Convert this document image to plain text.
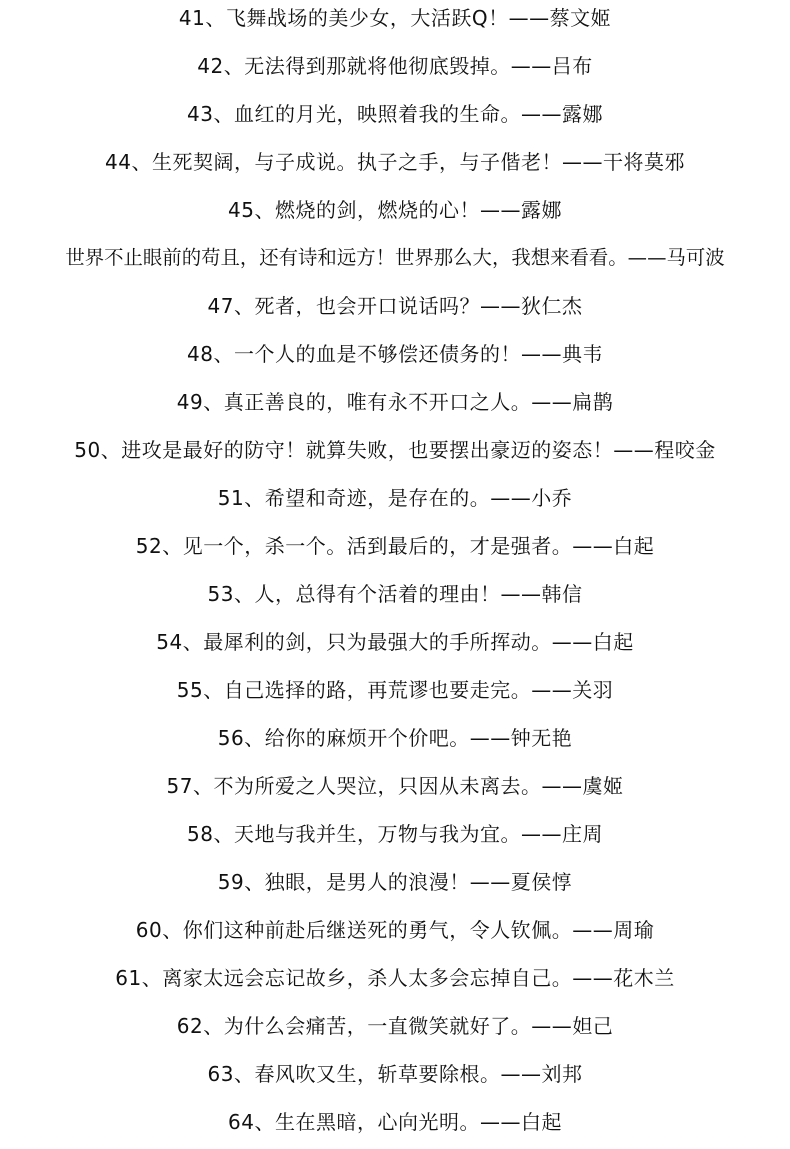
41、飞舞战场的美少女，大活跃Q！——蔡文姬
42、无法得到那就将他彻底毁掉。——吕布
43、血红的月光，映照着我的生命。——露娜
44、生死契阔，与子成说。执子之手，与子偕老！——干将莫邪
45、燃烧的剑，燃烧的心！——露娜
世界不止眼前的苟且，还有诗和远方！世界那么大，我想来看看。——马可波
47、死者，也会开口说话吗？——狄仁杰
48、一个人的血是不够偿还债务的！——典韦
49、真正善良的，唯有永不开口之人。——扁鹊
50、进攻是最好的防守！就算失败，也要摆出豪迈的姿态！——程咬金
51、希望和奇迹，是存在的。——小乔
52、见一个，杀一个。活到最后的，才是强者。——白起
53、人，总得有个活着的理由！——韩信
54、最犀利的剑，只为最强大的手所挥动。——白起
55、自己选择的路，再荒谬也要走完。——关羽
56、给你的麻烦开个价吧。——钟无艳
57、不为所爱之人哭泣，只因从未离去。——虞姬
58、天地与我并生，万物与我为宜。——庄周
59、独眼，是男人的浪漫！——夏侯惇
60、你们这种前赴后继送死的勇气，令人钦佩。——周瑜
61、离家太远会忘记故乡，杀人太多会忘掉自己。——花木兰
62、为什么会痛苦，一直微笑就好了。——妲己
63、春风吹又生，斩草要除根。——刘邦
64、生在黑暗，心向光明。——白起
